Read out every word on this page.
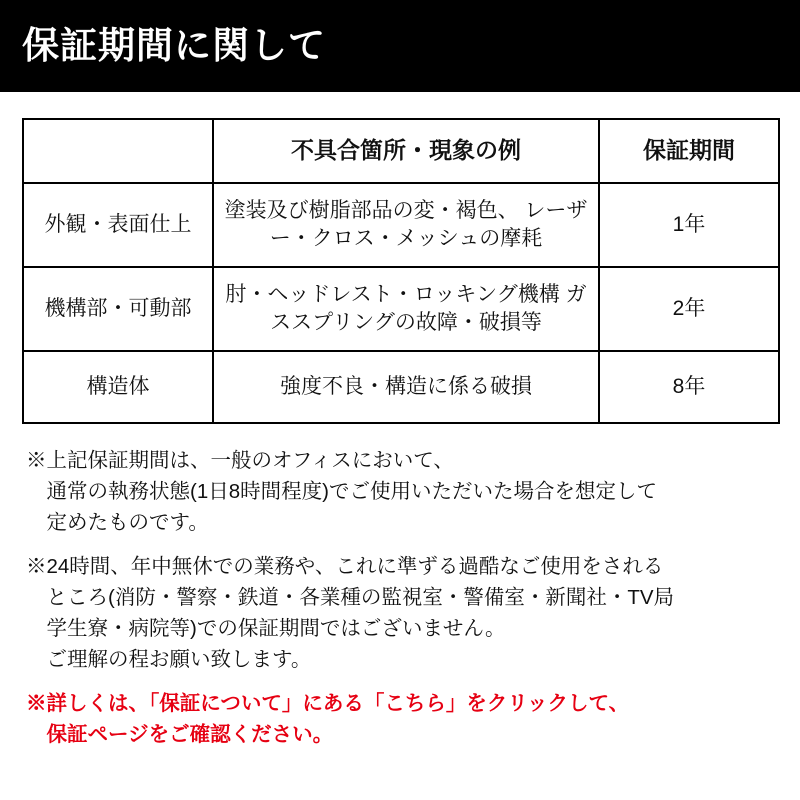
保証期間に関して
	不具合箇所・現象の例	保証期間
外観・表面仕上	塗装及び樹脂部品の変・褐色、 レーザー・クロス・メッシュの摩耗	1年
機構部・可動部	肘・ヘッドレスト・ロッキング機構 ガススプリングの故障・破損等	2年
構造体	強度不良・構造に係る破損	8年
※上記保証期間は、一般のオフィスにおいて、
　通常の執務状態(1日8時間程度)でご使用いただいた場合を想定して
　定めたものです。
※24時間、年中無休での業務や、これに準ずる過酷なご使用をされる
　ところ(消防・警察・鉄道・各業種の監視室・警備室・新聞社・TV局
　学生寮・病院等)での保証期間ではございません。
　ご理解の程お願い致します。
※詳しくは、「保証について」にある「こちら」をクリックして、
　保証ページをご確認ください。
